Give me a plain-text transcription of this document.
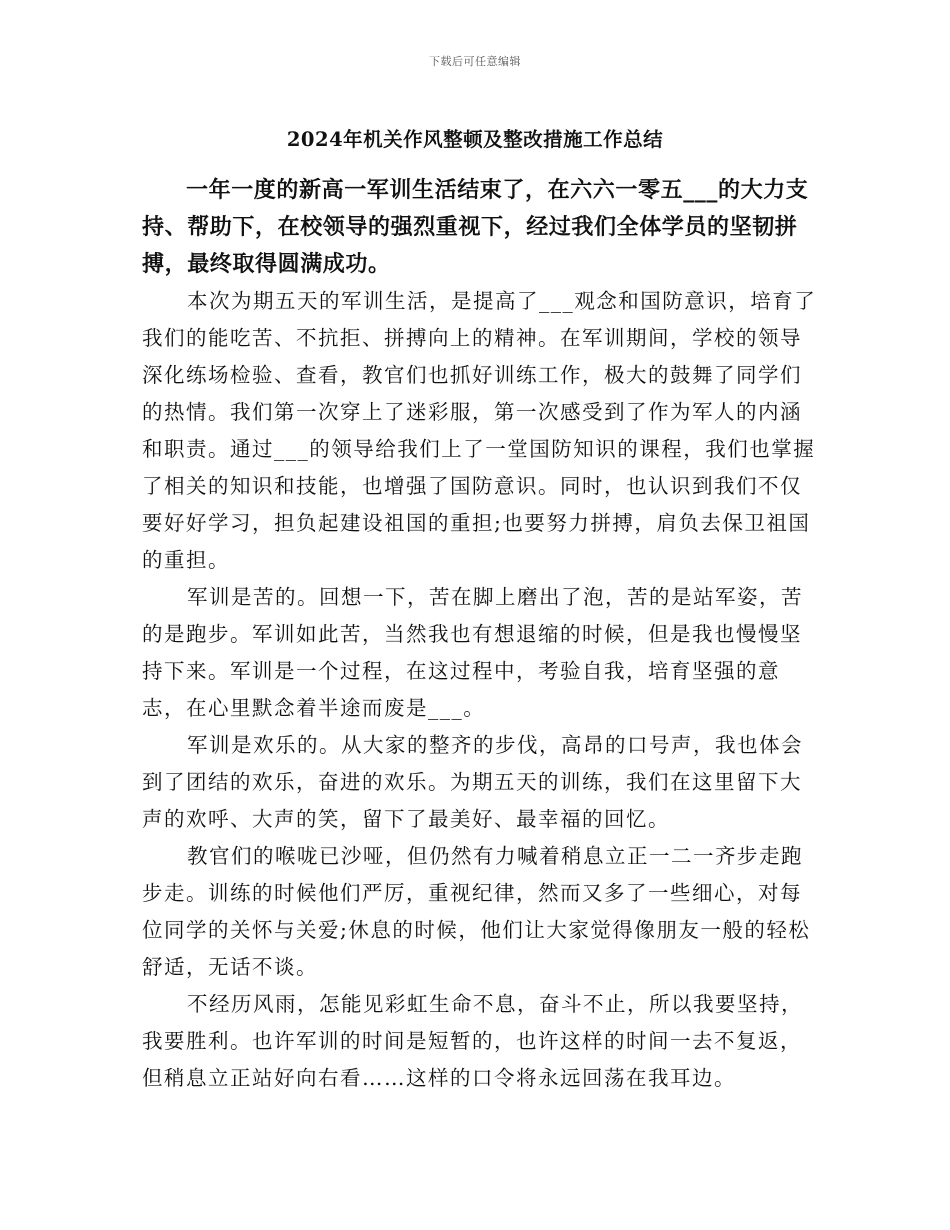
下载后可任意编辑
2024年机关作风整顿及整改措施工作总结

一年一度的新高一军训生活结束了，在六六一零五___的大力支持、帮助下，在校领导的强烈重视下，经过我们全体学员的坚韧拼搏，最终取得圆满成功。

本次为期五天的军训生活，是提高了___观念和国防意识，培育了我们的能吃苦、不抗拒、拼搏向上的精神。在军训期间，学校的领导深化练场检验、查看，教官们也抓好训练工作，极大的鼓舞了同学们的热情。我们第一次穿上了迷彩服，第一次感受到了作为军人的内涵和职责。通过___的领导给我们上了一堂国防知识的课程，我们也掌握了相关的知识和技能，也增强了国防意识。同时，也认识到我们不仅要好好学习，担负起建设祖国的重担;也要努力拼搏，肩负去保卫祖国的重担。

军训是苦的。回想一下，苦在脚上磨出了泡，苦的是站军姿，苦的是跑步。军训如此苦，当然我也有想退缩的时候，但是我也慢慢坚持下来。军训是一个过程，在这过程中，考验自我，培育坚强的意志，在心里默念着半途而废是___。

军训是欢乐的。从大家的整齐的步伐，高昂的口号声，我也体会到了团结的欢乐，奋进的欢乐。为期五天的训练，我们在这里留下大声的欢呼、大声的笑，留下了最美好、最幸福的回忆。

教官们的喉咙已沙哑，但仍然有力喊着稍息立正一二一齐步走跑步走。训练的时候他们严厉，重视纪律，然而又多了一些细心，对每位同学的关怀与关爱;休息的时候，他们让大家觉得像朋友一般的轻松舒适，无话不谈。

不经历风雨，怎能见彩虹生命不息，奋斗不止，所以我要坚持，我要胜利。也许军训的时间是短暂的，也许这样的时间一去不复返，但稍息立正站好向右看……这样的口令将永远回荡在我耳边。
